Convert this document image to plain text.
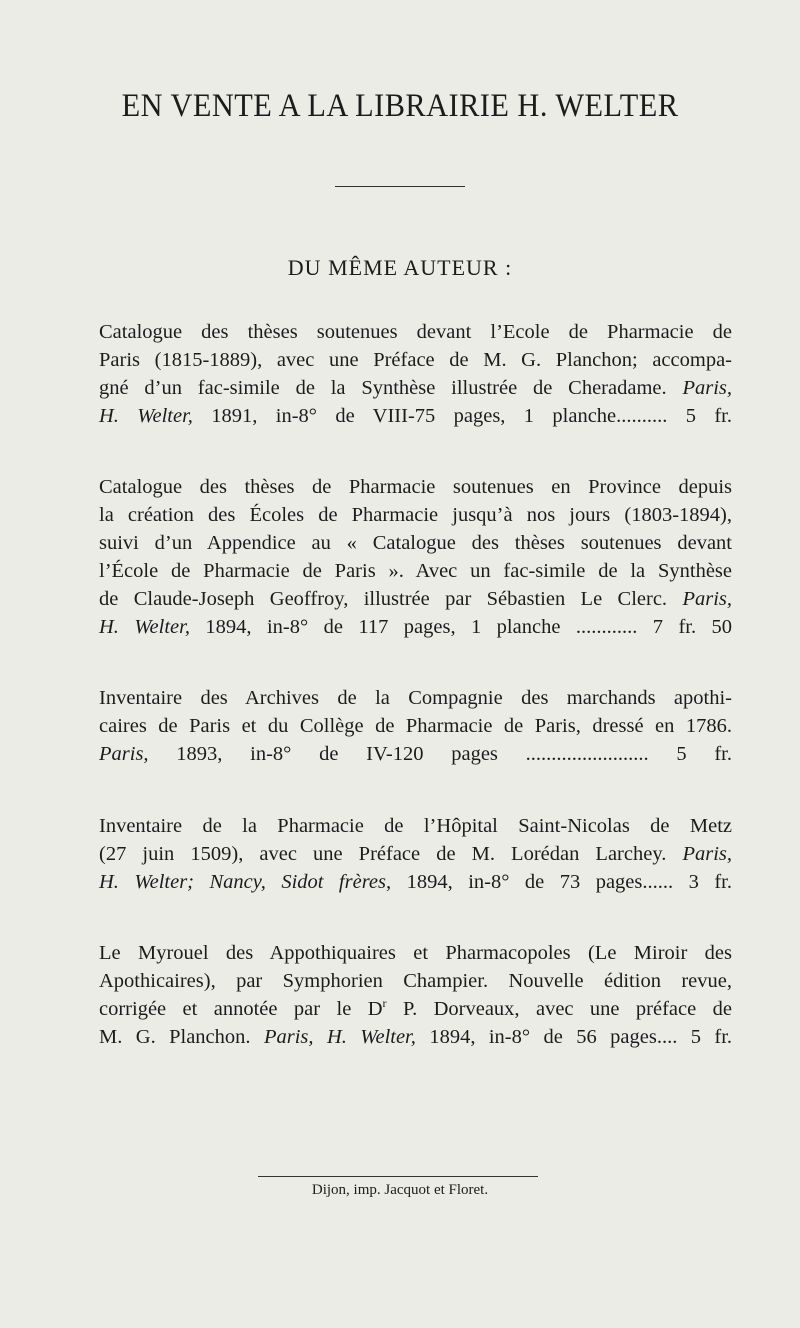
EN VENTE A LA LIBRAIRIE H. WELTER
DU MÊME AUTEUR :
Catalogue des thèses soutenues devant l’Ecole de Pharmacie de
Paris (1815-1889), avec une Préface de M. G. Planchon; accompa-
gné d’un fac-simile de la Synthèse illustrée de Cheradame. Paris,
H. Welter, 1891, in-8° de VIII-75 pages, 1 planche.......... 5 fr.
Catalogue des thèses de Pharmacie soutenues en Province depuis
la création des Écoles de Pharmacie jusqu’à nos jours (1803-1894),
suivi d’un Appendice au « Catalogue des thèses soutenues devant
l’École de Pharmacie de Paris ». Avec un fac-simile de la Synthèse
de Claude-Joseph Geoffroy, illustrée par Sébastien Le Clerc. Paris,
H. Welter, 1894, in-8° de 117 pages, 1 planche ............ 7 fr. 50
Inventaire des Archives de la Compagnie des marchands apothi-
caires de Paris et du Collège de Pharmacie de Paris, dressé en 1786.
Paris, 1893, in-8° de IV-120 pages ........................ 5 fr.
Inventaire de la Pharmacie de l’Hôpital Saint-Nicolas de Metz
(27 juin 1509), avec une Préface de M. Lorédan Larchey. Paris,
H. Welter; Nancy, Sidot frères, 1894, in-8° de 73 pages...... 3 fr.
Le Myrouel des Appothiquaires et Pharmacopoles (Le Miroir des
Apothicaires), par Symphorien Champier. Nouvelle édition revue,
corrigée et annotée par le $D^r$ P. Dorveaux, avec une préface de
M. G. Planchon. Paris, H. Welter, 1894, in-8° de 56 pages.... 5 fr.
Dijon, imp. Jacquot et Floret.
